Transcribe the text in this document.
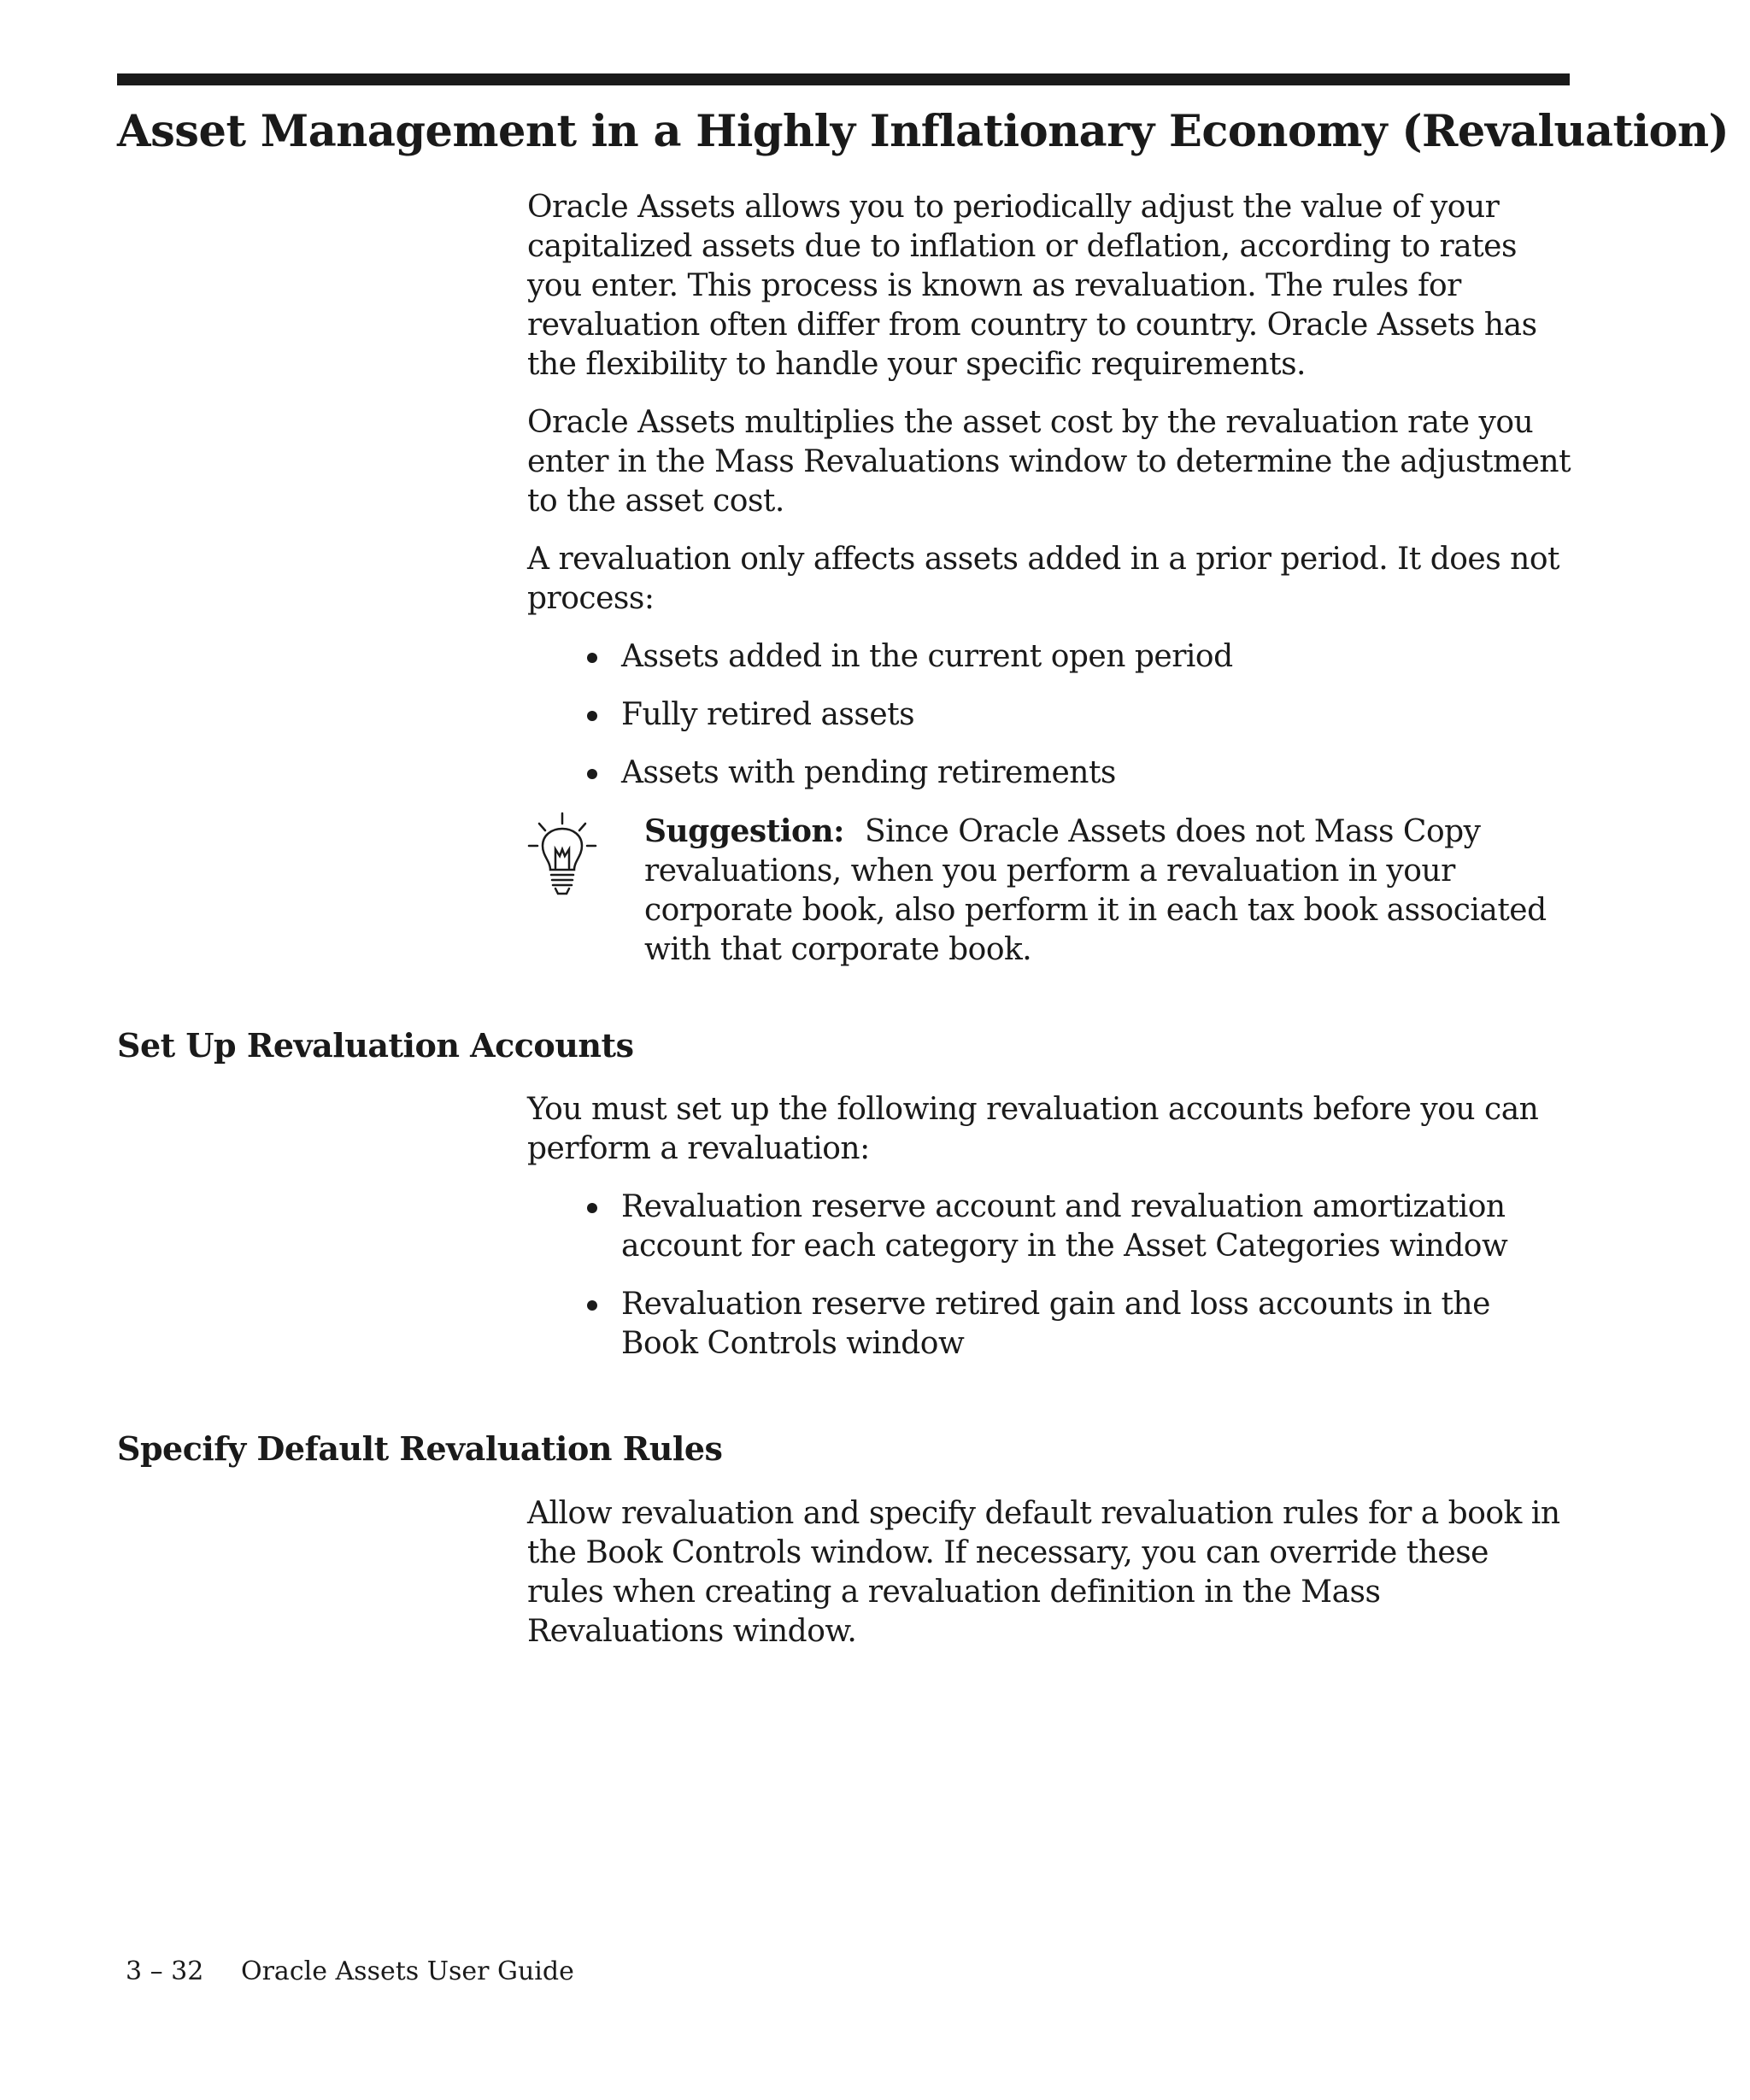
Asset Management in a Highly Inflationary Economy (Revaluation)

Oracle Assets allows you to periodically adjust the value of your capitalized assets due to inflation or deflation, according to rates you enter. This process is known as revaluation. The rules for revaluation often differ from country to country. Oracle Assets has the flexibility to handle your specific requirements.

Oracle Assets multiplies the asset cost by the revaluation rate you enter in the Mass Revaluations window to determine the adjustment to the asset cost.

A revaluation only affects assets added in a prior period. It does not process:

Assets added in the current open period
Fully retired assets
Assets with pending retirements
Suggestion: Since Oracle Assets does not Mass Copy revaluations, when you perform a revaluation in your corporate book, also perform it in each tax book associated with that corporate book.
Set Up Revaluation Accounts

You must set up the following revaluation accounts before you can perform a revaluation:

Revaluation reserve account and revaluation amortization account for each category in the Asset Categories window
Revaluation reserve retired gain and loss accounts in the Book Controls window
Specify Default Revaluation Rules

Allow revaluation and specify default revaluation rules for a book in the Book Controls window. If necessary, you can override these rules when creating a revaluation definition in the Mass Revaluations window.

3 – 32 Oracle Assets User Guide
